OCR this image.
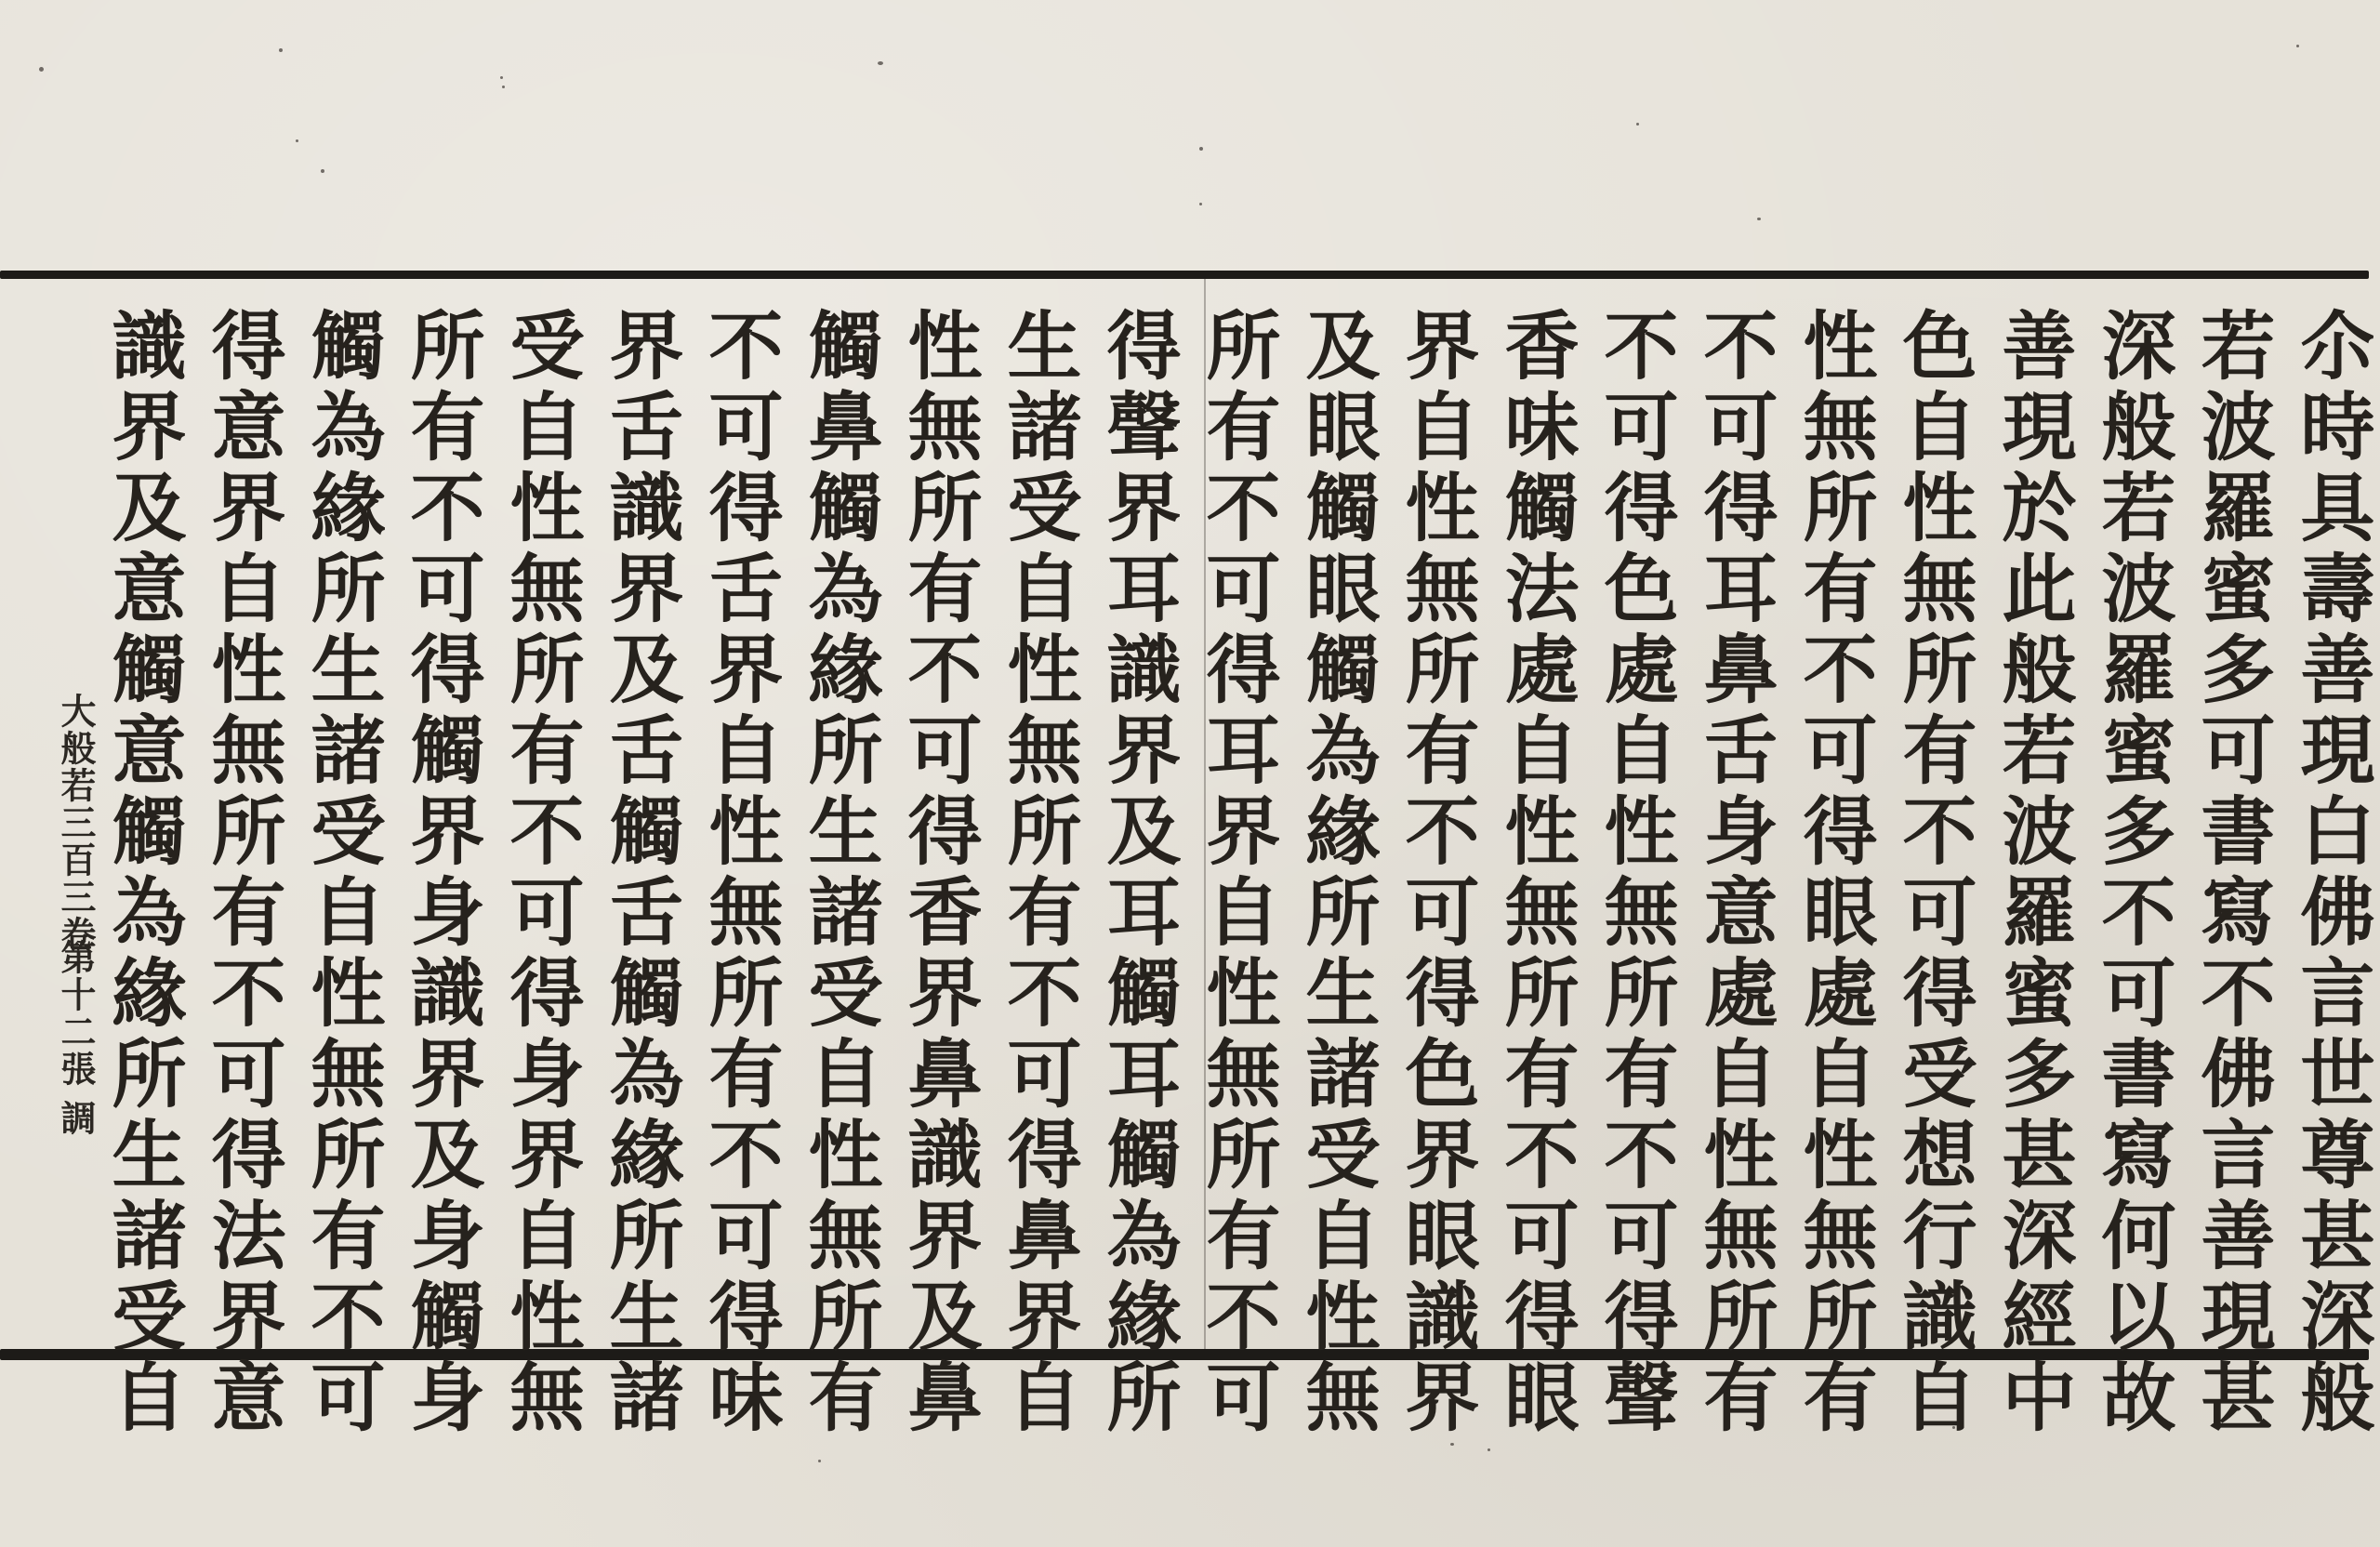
尒時具壽善現白佛言世尊甚深般
若波羅蜜多可書寫不佛言善現甚
深般若波羅蜜多不可書寫何以故
善現於此般若波羅蜜多甚深經中
色自性無所有不可得受想行識自
性無所有不可得眼處自性無所有
不可得耳鼻舌身意處自性無所有
不可得色處自性無所有不可得聲
香味觸法處自性無所有不可得眼
界自性無所有不可得色界眼識界
及眼觸眼觸為緣所生諸受自性無
所有不可得耳界自性無所有不可
得聲界耳識界及耳觸耳觸為緣所
生諸受自性無所有不可得鼻界自
性無所有不可得香界鼻識界及鼻
觸鼻觸為緣所生諸受自性無所有
不可得舌界自性無所有不可得味
界舌識界及舌觸舌觸為緣所生諸
受自性無所有不可得身界自性無
所有不可得觸界身識界及身觸身
觸為緣所生諸受自性無所有不可
得意界自性無所有不可得法界意
識界及意觸意觸為緣所生諸受自
大般若三百三卷
第十二張
調
